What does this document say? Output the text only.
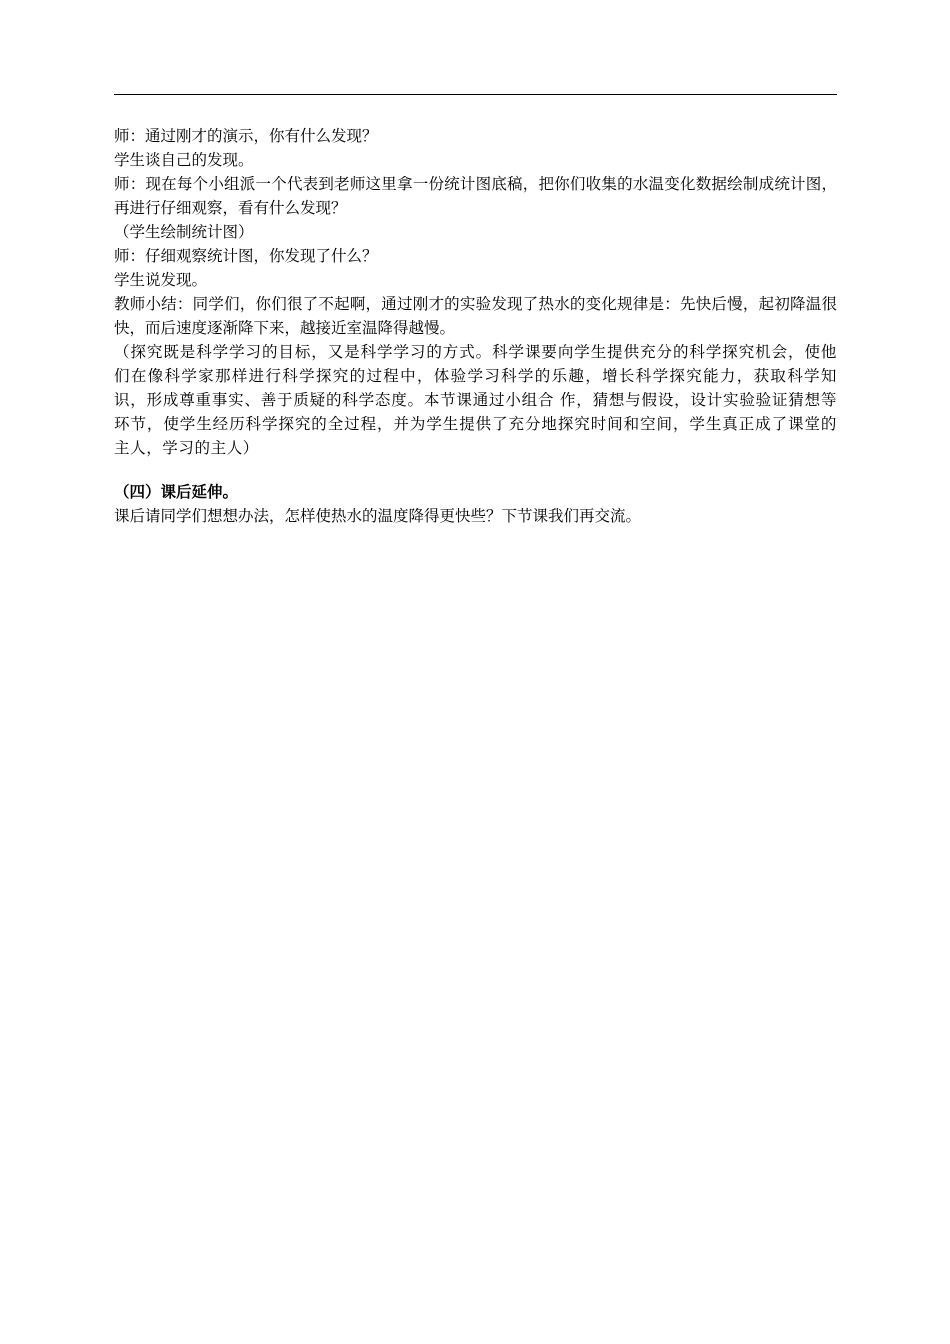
师：通过刚才的演示，你有什么发现？

学生谈自己的发现。

师：现在每个小组派一个代表到老师这里拿一份统计图底稿，把你们收集的水温变化数据绘制成统计图，再进行仔细观察，看有什么发现？

（学生绘制统计图）

师：仔细观察统计图，你发现了什么？

学生说发现。

教师小结：同学们，你们很了不起啊，通过刚才的实验发现了热水的变化规律是：先快后慢，起初降温很快，而后速度逐渐降下来，越接近室温降得越慢。

（探究既是科学学习的目标，又是科学学习的方式。科学课要向学生提供充分的科学探究机会，使他们在像科学家那样进行科学探究的过程中，体验学习科学的乐趣，增长科学探究能力，获取科学知识，形成尊重事实、善于质疑的科学态度。本节课通过小组合 作，猜想与假设，设计实验验证猜想等环节，使学生经历科学探究的全过程，并为学生提供了充分地探究时间和空间，学生真正成了课堂的主人，学习的主人）

（四）课后延伸。

课后请同学们想想办法，怎样使热水的温度降得更快些？下节课我们再交流。
